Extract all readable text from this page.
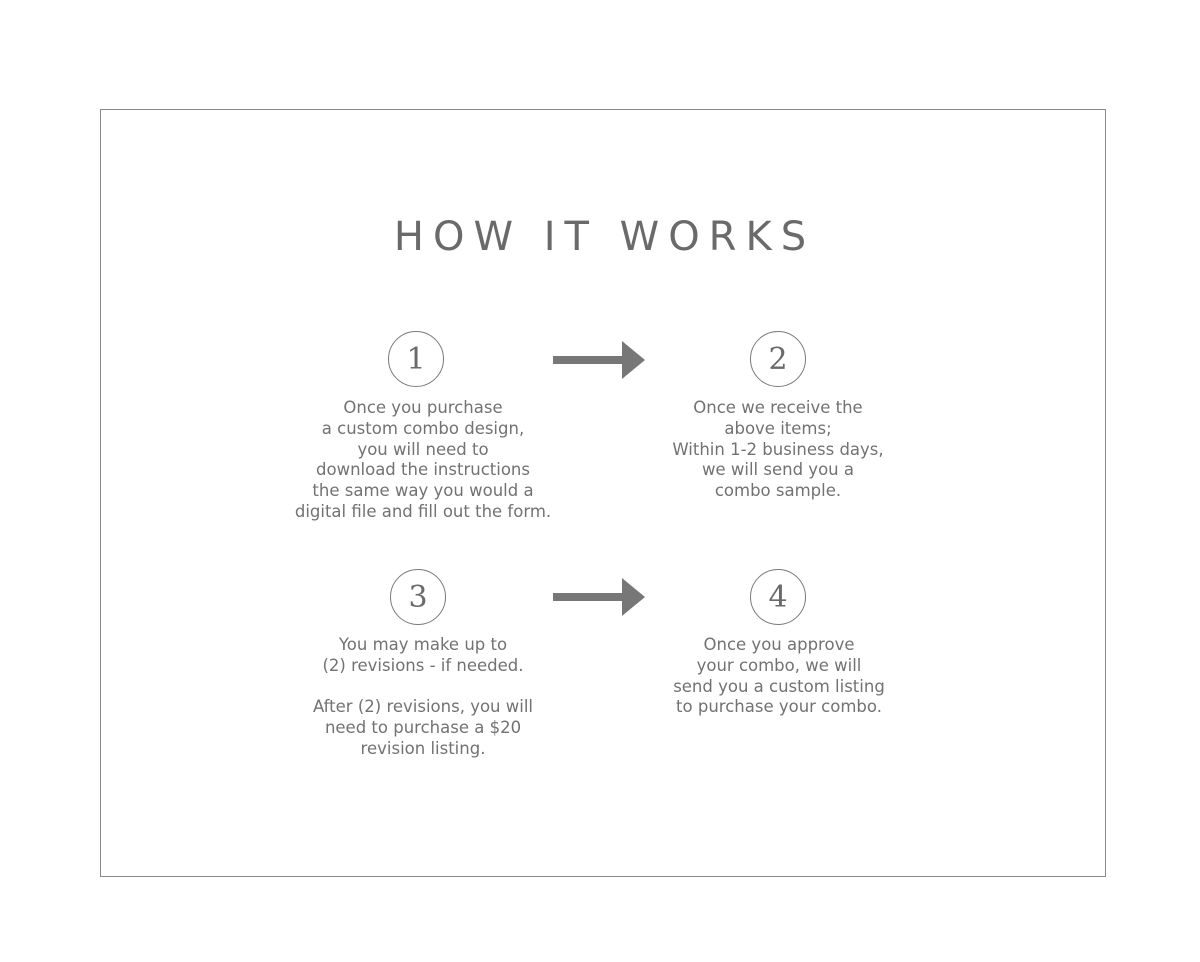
HOW IT WORKS
1
Once you purchase
a custom combo design,
you will need to
download the instructions
the same way you would a
digital file and fill out the form.
2
Once we receive the
above items;
Within 1-2 business days,
we will send you a
combo sample.
3
You may make up to
(2) revisions - if needed.

After (2) revisions, you will
need to purchase a $20
revision listing.
4
Once you approve
your combo, we will
send you a custom listing
to purchase your combo.
